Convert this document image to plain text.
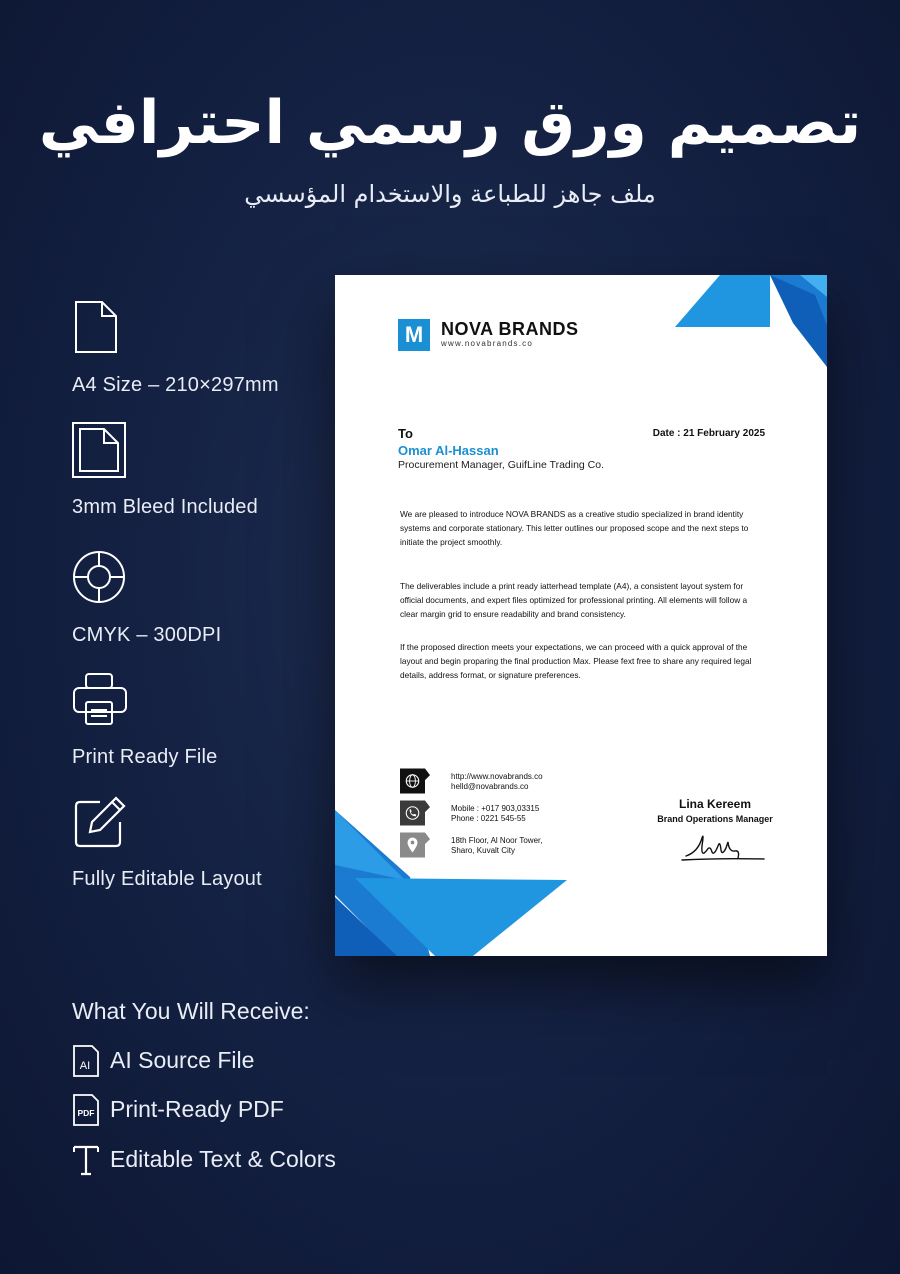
تصميم ورق رسمي احترافي
ملف جاهز للطباعة والاستخدام المؤسسي
A4 Size – 210×297mm
3mm Bleed Included
CMYK – 300DPI
Print Ready File
Fully Editable Layout
M NOVA BRANDS
www.novabrands.co
To	Date : 21 February 2025
Omar Al-Hassan
Procurement Manager, GuifLine Trading Co.
We are pleased to introduce NOVA BRANDS as a creative studio specialized in brand identity systems and corporate stationary. This letter outlines our proposed scope and the next steps to initiate the project smoothly.
The deliverables include a print ready iatterhead template (A4), a consistent layout system for official documents, and expert files optimized for professional printing. All elements will follow a clear margin grid to ensure readability and brand consistency.
If the proposed direction meets your expectations, we can proceed with a quick approval of the layout and begin proparing the final production Max. Please fext free to share any required legal details, address format, or signature preferences.
http://www.novabrands.co
helld@novabrands.co
Mobile : +017 903,03315
Phone : 0221 545-55
18th Floor, Al Noor Tower,
Sharo, Kuvalt City
Lina Kereem
Brand Operations Manager
What You Will Receive:
AI AI Source File
PDF Print-Ready PDF
Editable Text & Colors
